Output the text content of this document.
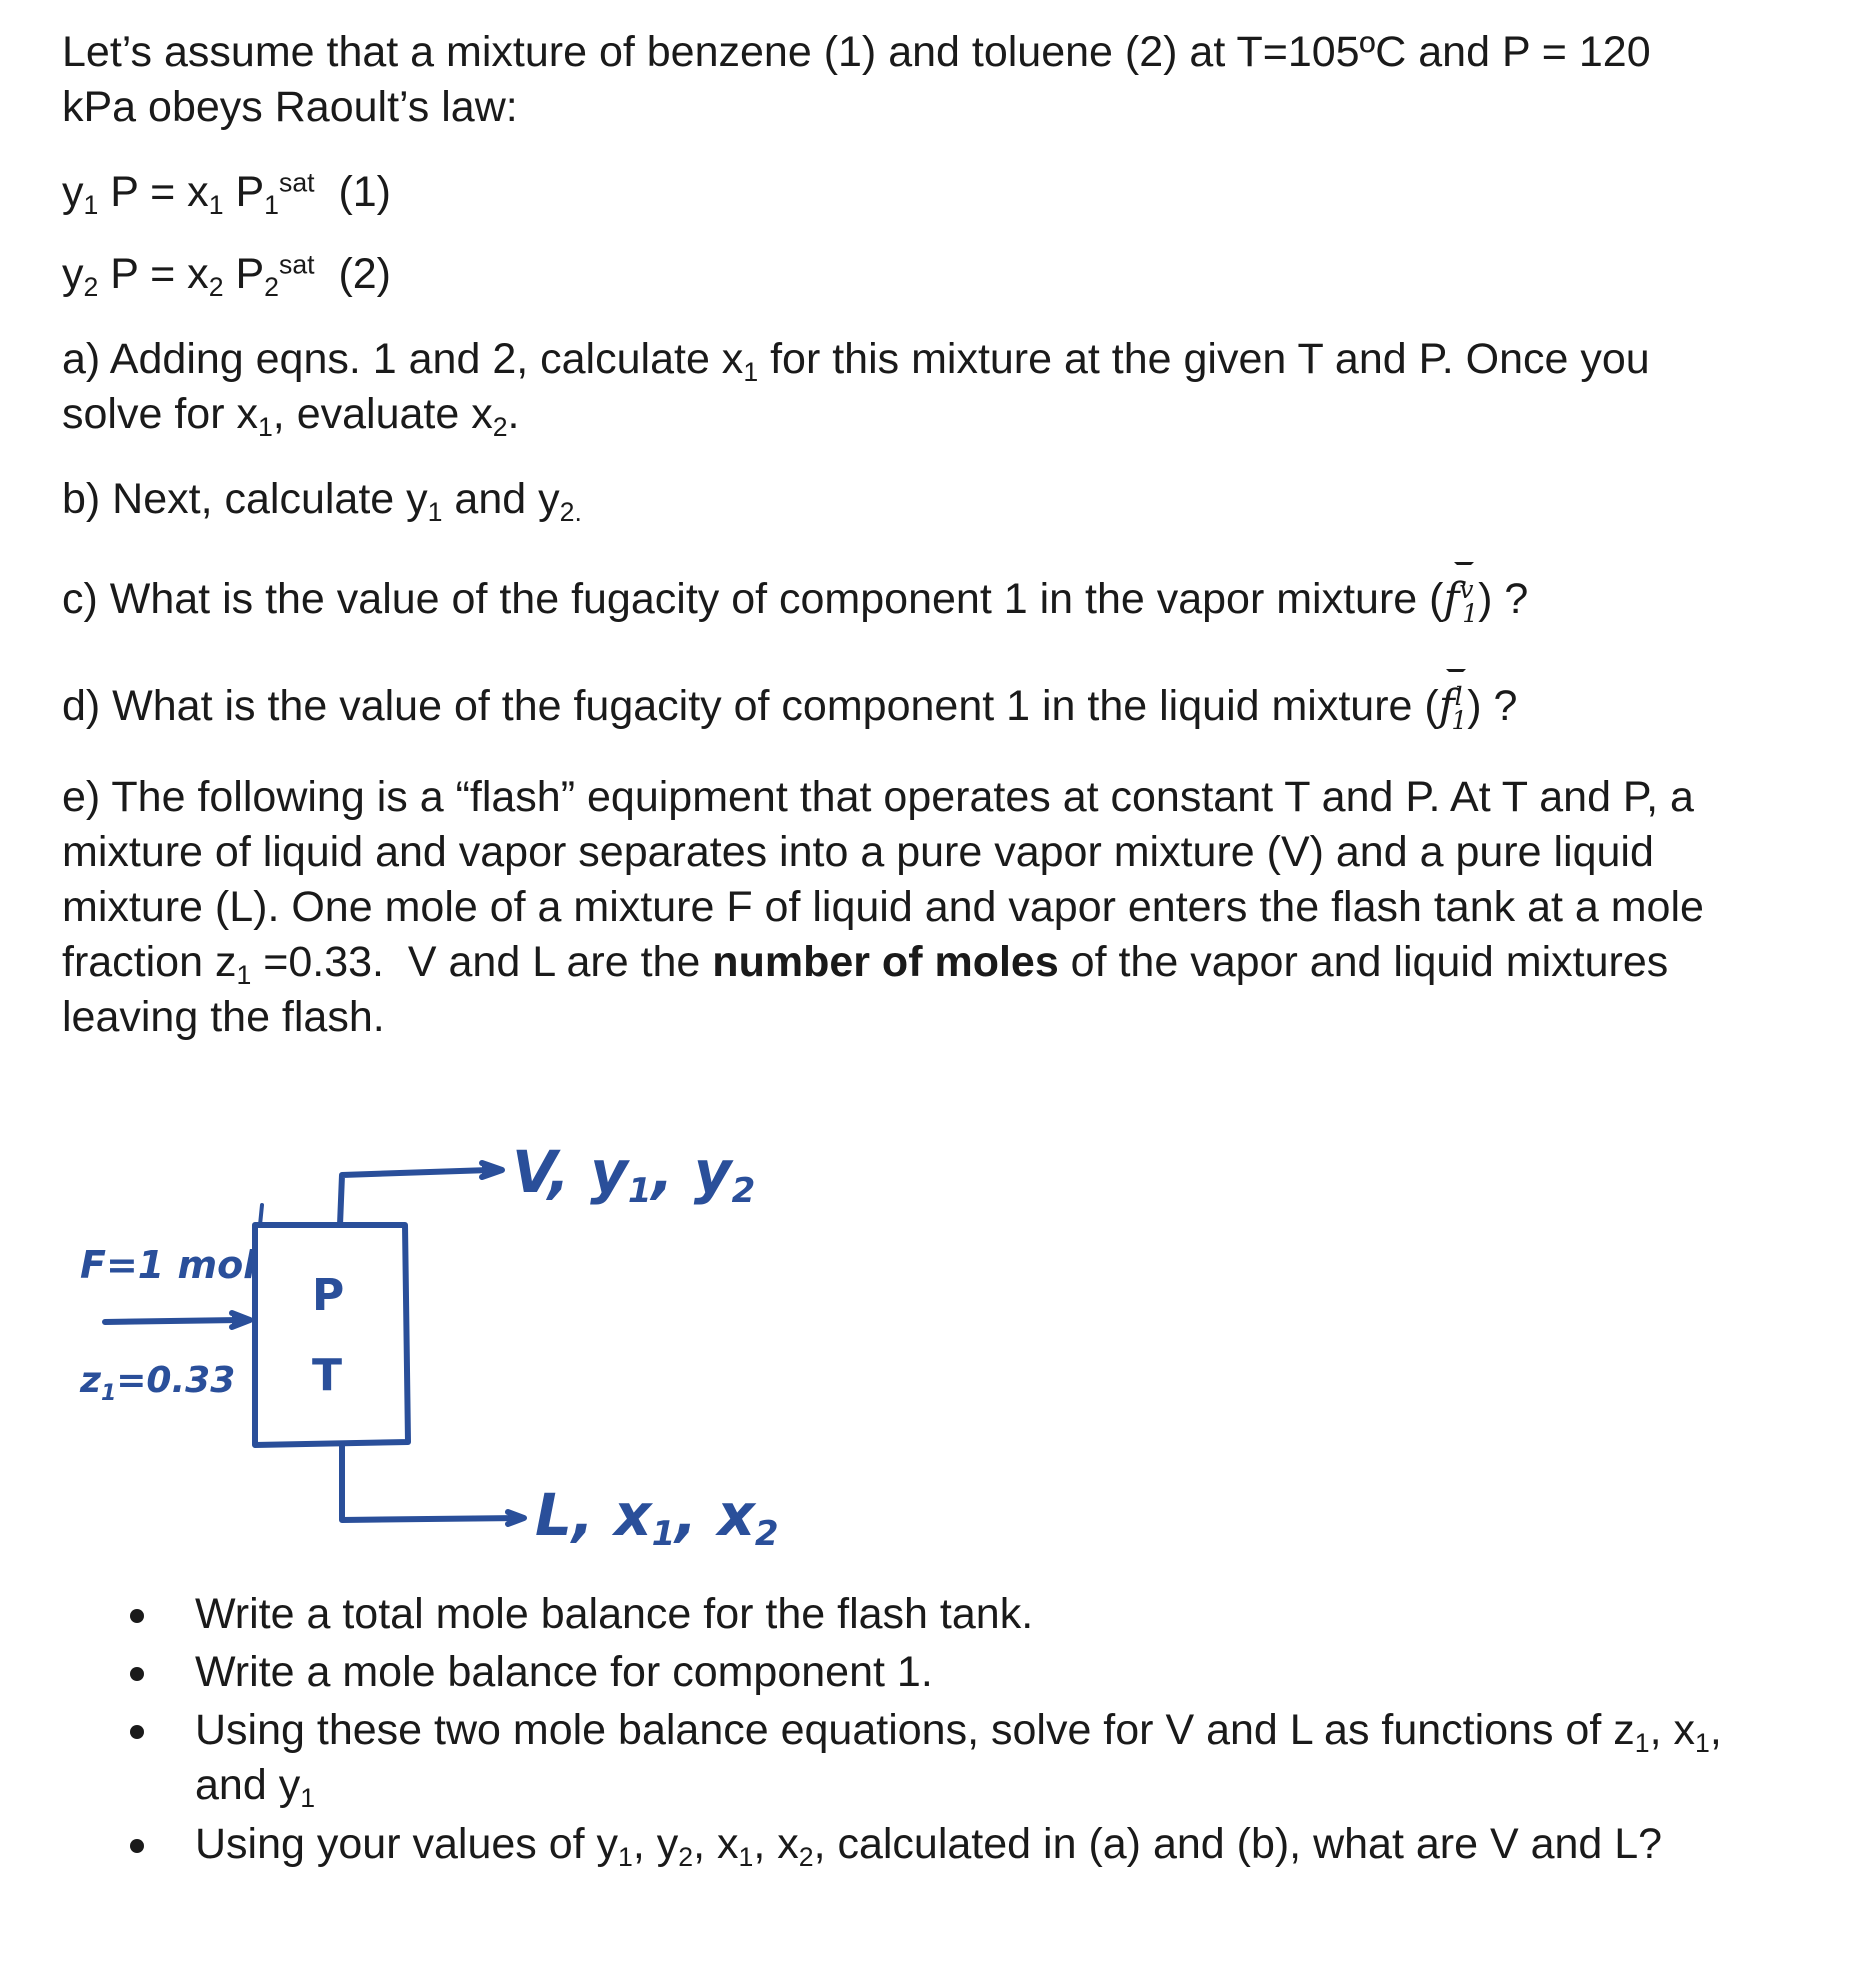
Let’s assume that a mixture of benzene (1) and toluene (2) at T=105ºC and P = 120
kPa obeys Raoult’s law:
$y_1$ $P = x_1$ $P_1^{sat}$  (1)
$y_2$ $P = x_2$ $P_2^{sat}$  (2)
a) Adding eqns. 1 and 2, calculate $x_1$ for this mixture at the given T and P. Once you
solve for $x_1$, evaluate $x_2$.
b) Next, calculate $y_1$ and $y_{2.}$
c) What is the value of the fugacity of component 1 in the vapor mixture $(f^v_1)$ ?
d) What is the value of the fugacity of component 1 in the liquid mixture $(f^l_1)$ ?
e) The following is a “flash” equipment that operates at constant T and P. At T and P, a
mixture of liquid and vapor separates into a pure vapor mixture (V) and a pure liquid
mixture (L). One mole of a mixture F of liquid and vapor enters the flash tank at a mole
fraction $z_1 =0.33$.  V and L are the number of moles of the vapor and liquid mixtures
leaving the flash.
F=1 mol
$z_1=0.33$
P
T
V, y1, y2
L, x1, x2
Write a total mole balance for the flash tank.
Write a mole balance for component 1.
Using these two mole balance equations, solve for V and L as functions of $z_1$, $x_1$,
and $y_1$
Using your values of $y_1$, $y_2$, $x_1$, $x_2$, calculated in (a) and (b), what are V and L?
